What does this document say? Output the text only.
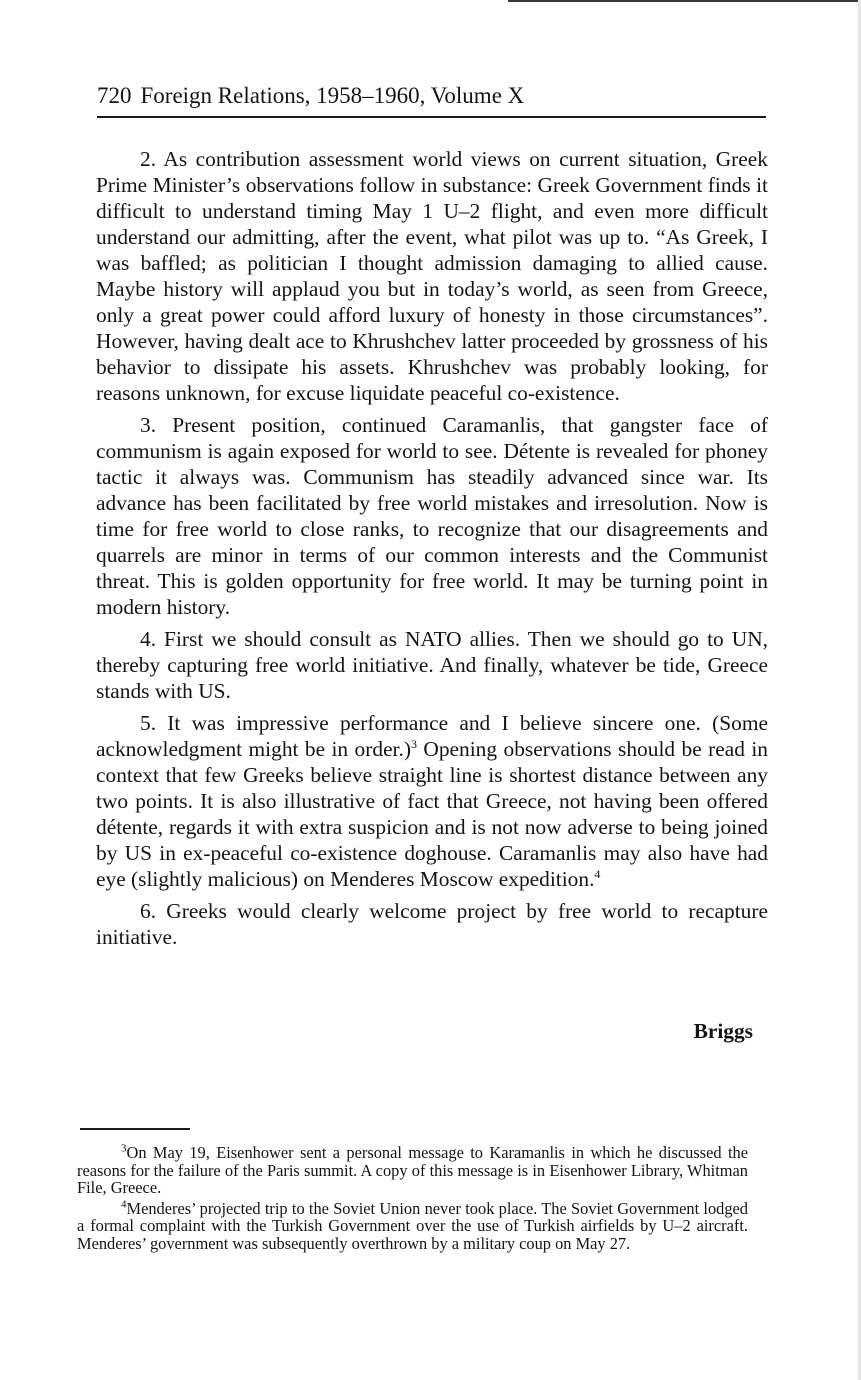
720 Foreign Relations, 1958–1960, Volume X

2. As contribution assessment world views on current situation, Greek Prime Minister’s observations follow in substance: Greek Government finds it difficult to understand timing May 1 U–2 flight, and even more difficult understand our admitting, after the event, what pilot was up to. “As Greek, I was baffled; as politician I thought admission damaging to allied cause. Maybe history will applaud you but in today’s world, as seen from Greece, only a great power could afford luxury of honesty in those circumstances”. However, having dealt ace to Khrushchev latter proceeded by grossness of his behavior to dissipate his assets. Khrushchev was probably looking, for reasons unknown, for excuse liquidate peaceful co-existence.

3. Present position, continued Caramanlis, that gangster face of communism is again exposed for world to see. Détente is revealed for phoney tactic it always was. Communism has steadily advanced since war. Its advance has been facilitated by free world mistakes and irresolution. Now is time for free world to close ranks, to recognize that our disagreements and quarrels are minor in terms of our common interests and the Communist threat. This is golden opportunity for free world. It may be turning point in modern history.

4. First we should consult as NATO allies. Then we should go to UN, thereby capturing free world initiative. And finally, whatever be tide, Greece stands with US.

5. It was impressive performance and I believe sincere one. (Some acknowledgment might be in order.)$^3$ Opening observations should be read in context that few Greeks believe straight line is shortest distance between any two points. It is also illustrative of fact that Greece, not having been offered détente, regards it with extra suspicion and is not now adverse to being joined by US in ex-peaceful co-existence doghouse. Caramanlis may also have had eye (slightly malicious) on Menderes Moscow expedition.$^4$

6. Greeks would clearly welcome project by free world to recapture initiative.

Briggs

$^3$On May 19, Eisenhower sent a personal message to Karamanlis in which he discussed the reasons for the failure of the Paris summit. A copy of this message is in Eisenhower Library, Whitman File, Greece.

$^4$Menderes’ projected trip to the Soviet Union never took place. The Soviet Government lodged a formal complaint with the Turkish Government over the use of Turkish airfields by U–2 aircraft. Menderes’ government was subsequently overthrown by a military coup on May 27.
